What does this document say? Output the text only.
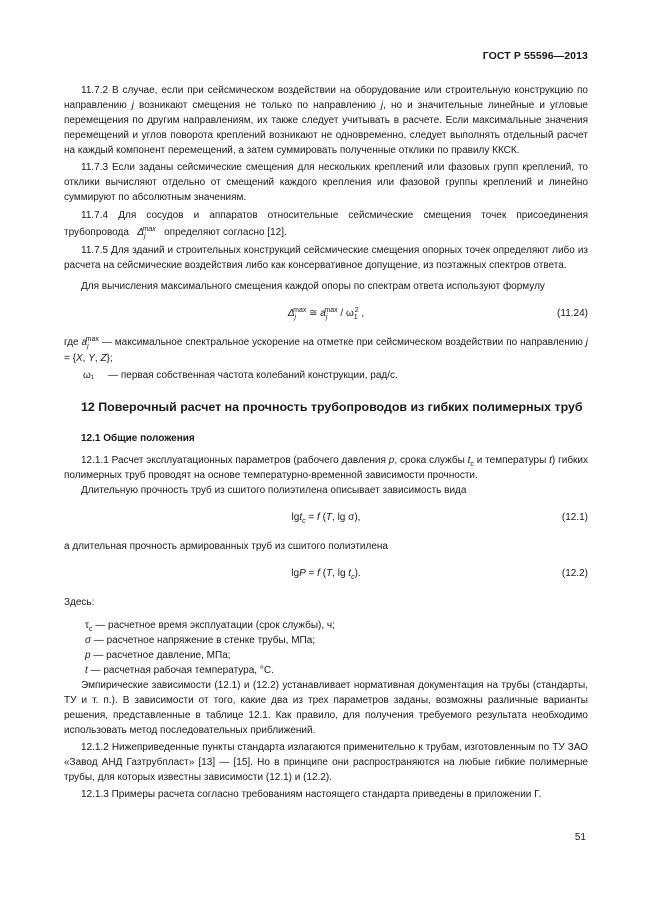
ГОСТ Р 55596—2013

11.7.2 В случае, если при сейсмическом воздействии на оборудование или строительную конструкцию по направлению j возникают смещения не только по направлению j, но и значительные линейные и угловые перемещения по другим направлениям, их также следует учитывать в расчете. Если максимальные значения перемещений и углов поворота креплений возникают не одновременно, следует выполнять отдельный расчет на каждый компонент перемещений, а затем суммировать полученные отклики по правилу ККСК.

11.7.3 Если заданы сейсмические смещения для нескольких креплений или фазовых групп креплений, то отклики вычисляют отдельно от смещений каждого крепления или фазовой группы креплений и линейно суммируют по абсолютным значениям.

11.7.4 Для сосудов и аппаратов относительные сейсмические смещения точек присоединения трубопровода   $\Delta_j^{max}$ определяют согласно [12].

11.7.5 Для зданий и строительных конструкций сейсмические смещения опорных точек определяют либо из расчета на сейсмические воздействия либо как консервативное допущение, из поэтажных спектров ответа.

Для вычисления максимального смещения каждой опоры по спектрам ответа используют формулу

$\Delta_j^{max}$ ≅ $a_j^{max} / \omega_1^2$ ,	(11.24)

где $a_j^{max}$ — максимальное спектральное ускорение на отметке при сейсмическом воздействии по направлению j = {X, Y, Z};

ω₁ — первая собственная частота колебаний конструкции, рад/с.
12 Поверочный расчет на прочность трубопроводов из гибких полимерных труб
12.1 Общие положения

12.1.1 Расчет эксплуатационных параметров (рабочего давления p, срока службы $t_c$ и температуры t) гибких полимерных труб проводят на основе температурно-временной зависимости прочности.

Длительную прочность труб из сшитого полиэтилена описывает зависимость вида

lgt$_c$ = f (T, lg σ),	(12.1)

а длительная прочность армированных труб из сшитого полиэтилена

lgP = f (T, $\lg t_c$).	(12.2)

Здесь:

$\tau_c$ — расчетное время эксплуатации (срок службы), ч;
σ — расчетное напряжение в стенке трубы, МПа;
p — расчетное давление, МПа;
t — расчетная рабочая температура, °С.

Эмпирические зависимости (12.1) и (12.2) устанавливает нормативная документация на трубы (стандарты, ТУ и т. п.). В зависимости от того, какие два из трех параметров заданы, возможны различные варианты решения, представленные в таблице 12.1. Как правило, для получения требуемого результата необходимо использовать метод последовательных приближений.

12.1.2 Нижеприведенные пункты стандарта излагаются применительно к трубам, изготовленным по ТУ ЗАО «Завод АНД Газтрубпласт» [13] — [15]. Но в принципе они распространяются на любые гибкие полимерные трубы, для которых известны зависимости (12.1) и (12.2).

12.1.3 Примеры расчета согласно требованиям настоящего стандарта приведены в приложении Г.

51
